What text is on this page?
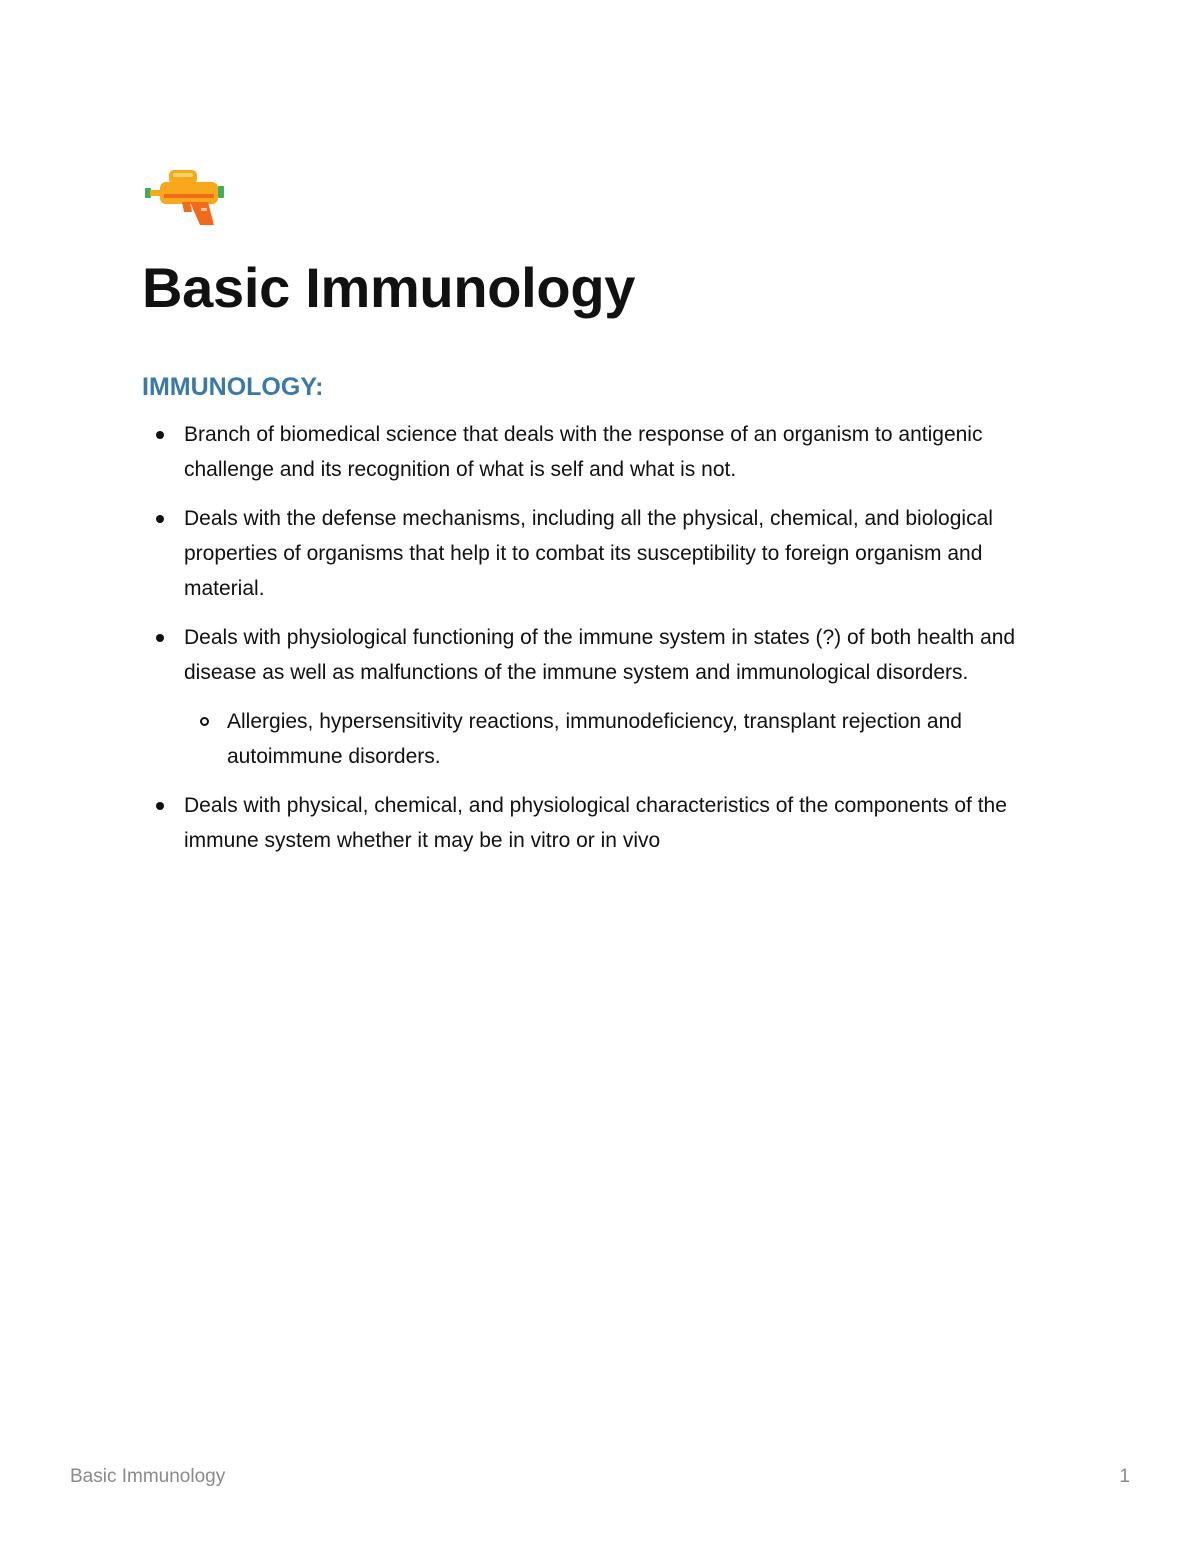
Basic Immunology
IMMUNOLOGY:
Branch of biomedical science that deals with the response of an organism to antigenic challenge and its recognition of what is self and what is not.
Deals with the defense mechanisms, including all the physical, chemical, and biological properties of organisms that help it to combat its susceptibility to foreign organism and material.
Deals with physiological functioning of the immune system in states (?) of both health and disease as well as malfunctions of the immune system and immunological disorders.
Allergies, hypersensitivity reactions, immunodeficiency, transplant rejection and autoimmune disorders.
Deals with physical, chemical, and physiological characteristics of the components of the immune system whether it may be in vitro or in vivo
Basic Immunology	1
